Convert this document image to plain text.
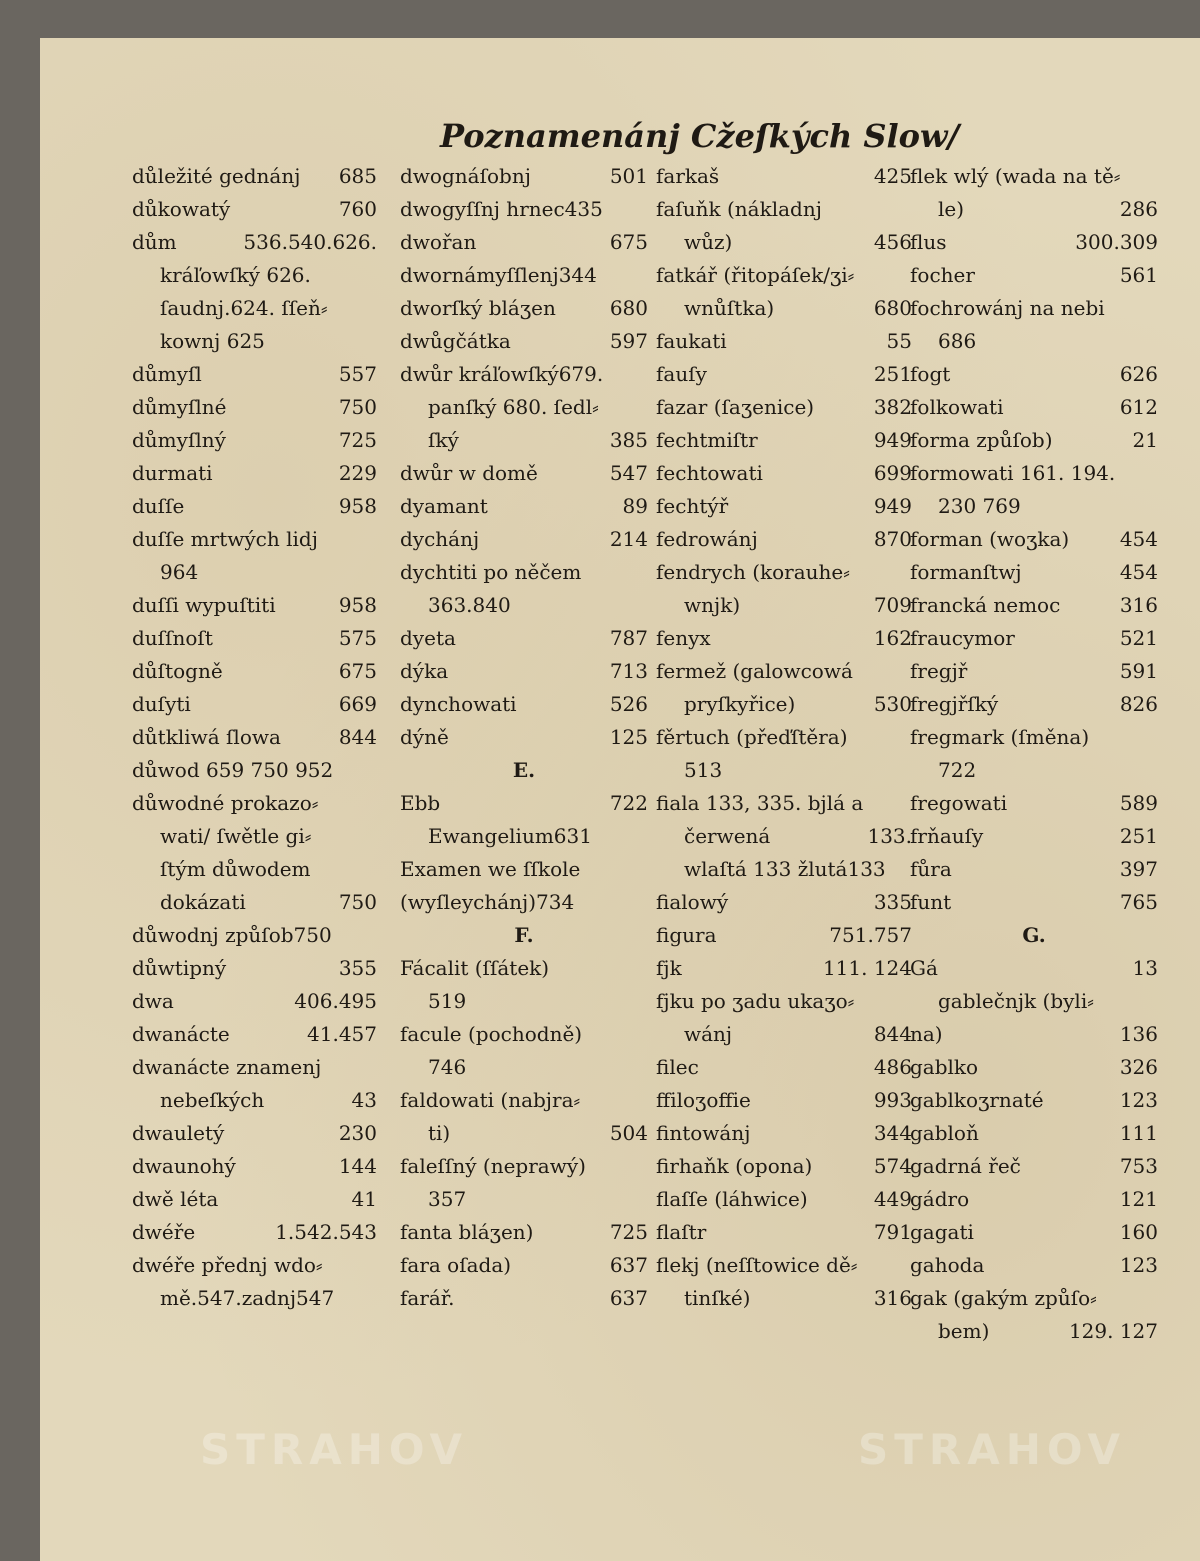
Poznamenánj Cžeſkých Slow/
důležité gednánj 685
důkowatý	760
dům	536.540.626.
kráľowſký 626.
ſaudnj.624. ſſeň⸗
kownj 625
důmyſl	557
důmyſlné	750
důmyſlný	725
durmati	229
duſſe	958
duſſe mrtwých lidj
964
duſſi wypuſtiti	958
duſſnoſt	575
důſtogně	675
duſyti	669
důtkliwá ſlowa	844
důwod 659 750 952
důwodné prokazo⸗
wati/ ſwětle gi⸗
ſtým důwodem
dokázati	750
důwodnj způſob750
důwtipný	355
dwa	406.495
dwanácte	41.457
dwanácte znamenj
nebeſkých	43
dwauletý	230
dwaunohý	144
dwě léta	41
dwéře	1.542.543
dwéře přednj wdo⸗
mě.547.zadnj547
dwognáſobnj	501
dwogyſſnj hrnec435
dwořan	675
dwornámyſſlenj344
dworſký bláʒen	680
dwůgčátka	597
dwůr kráľowſký679.
panſký 680. ſedl⸗
ſký	385
dwůr w domě	547
dyamant	89
dychánj	214
dychtiti po něčem
363.840
dyeta	787
dýka	713
dynchowati	526
dýně	125
E.
Ebb	722
Ewangelium631
Examen we ſſkole
(wyſleychánj)734
F.
Fácalit (ſſátek)
519
facule (pochodně)
746
faldowati (nabjra⸗
ti)	504
faleſſný (neprawý)
357
fanta bláʒen)	725
fara oſada)	637
farář.	637
farkaš	425
faſuňk (nákladnj
wůz)	456
fatkář (řitopáſek/ʒi⸗
wnůſtka)	680
faukati	55
fauſy	251
fazar (ſaʒenice)	382
fechtmiſtr	949
fechtowati	699
fechtýř	949
fedrowánj	870
fendrych (korauhe⸗
wnjk)	709
fenyx	162
fermež (galowcowá
pryſkyřice)	530
fěrtuch (přeďſtěra)
513
fiala 133, 335. bjlá a
čerwená	133.
wlaſtá 133 žlutá133
fialowý	335
figura	751.757
fjk	111. 124
fjku po ʒadu ukaʒo⸗
wánj	844
filec	486
ffiloʒoffie	993
fintowánj	344
firhaňk (opona)	574
flaſſe (láhwice)	449
flaſtr	791
flekj (neſſtowice dě⸗
tinſké)	316
flek wlý (wada na tě⸗
le)	286
flus	300.309
focher	561
fochrowánj na nebi
686
fogt	626
folkowati	612
forma způſob)	21
formowati 161. 194.
230 769
forman (woʒka)	454
formanſtwj	454
francká nemoc	316
fraucymor	521
fregjř	591
fregjřſký	826
fregmark (ſměna)
722
fregowati	589
frňauſy	251
fůra	397
funt	765
G.
Gá	13
gablečnjk (byli⸗
na)	136
gablko	326
gablkoʒrnaté	123
gabloň	111
gadrná řeč	753
gádro	121
gagati	160
gahoda	123
gak (gakým způſo⸗
bem)	129. 127
STRAHOV	STRAHOV
